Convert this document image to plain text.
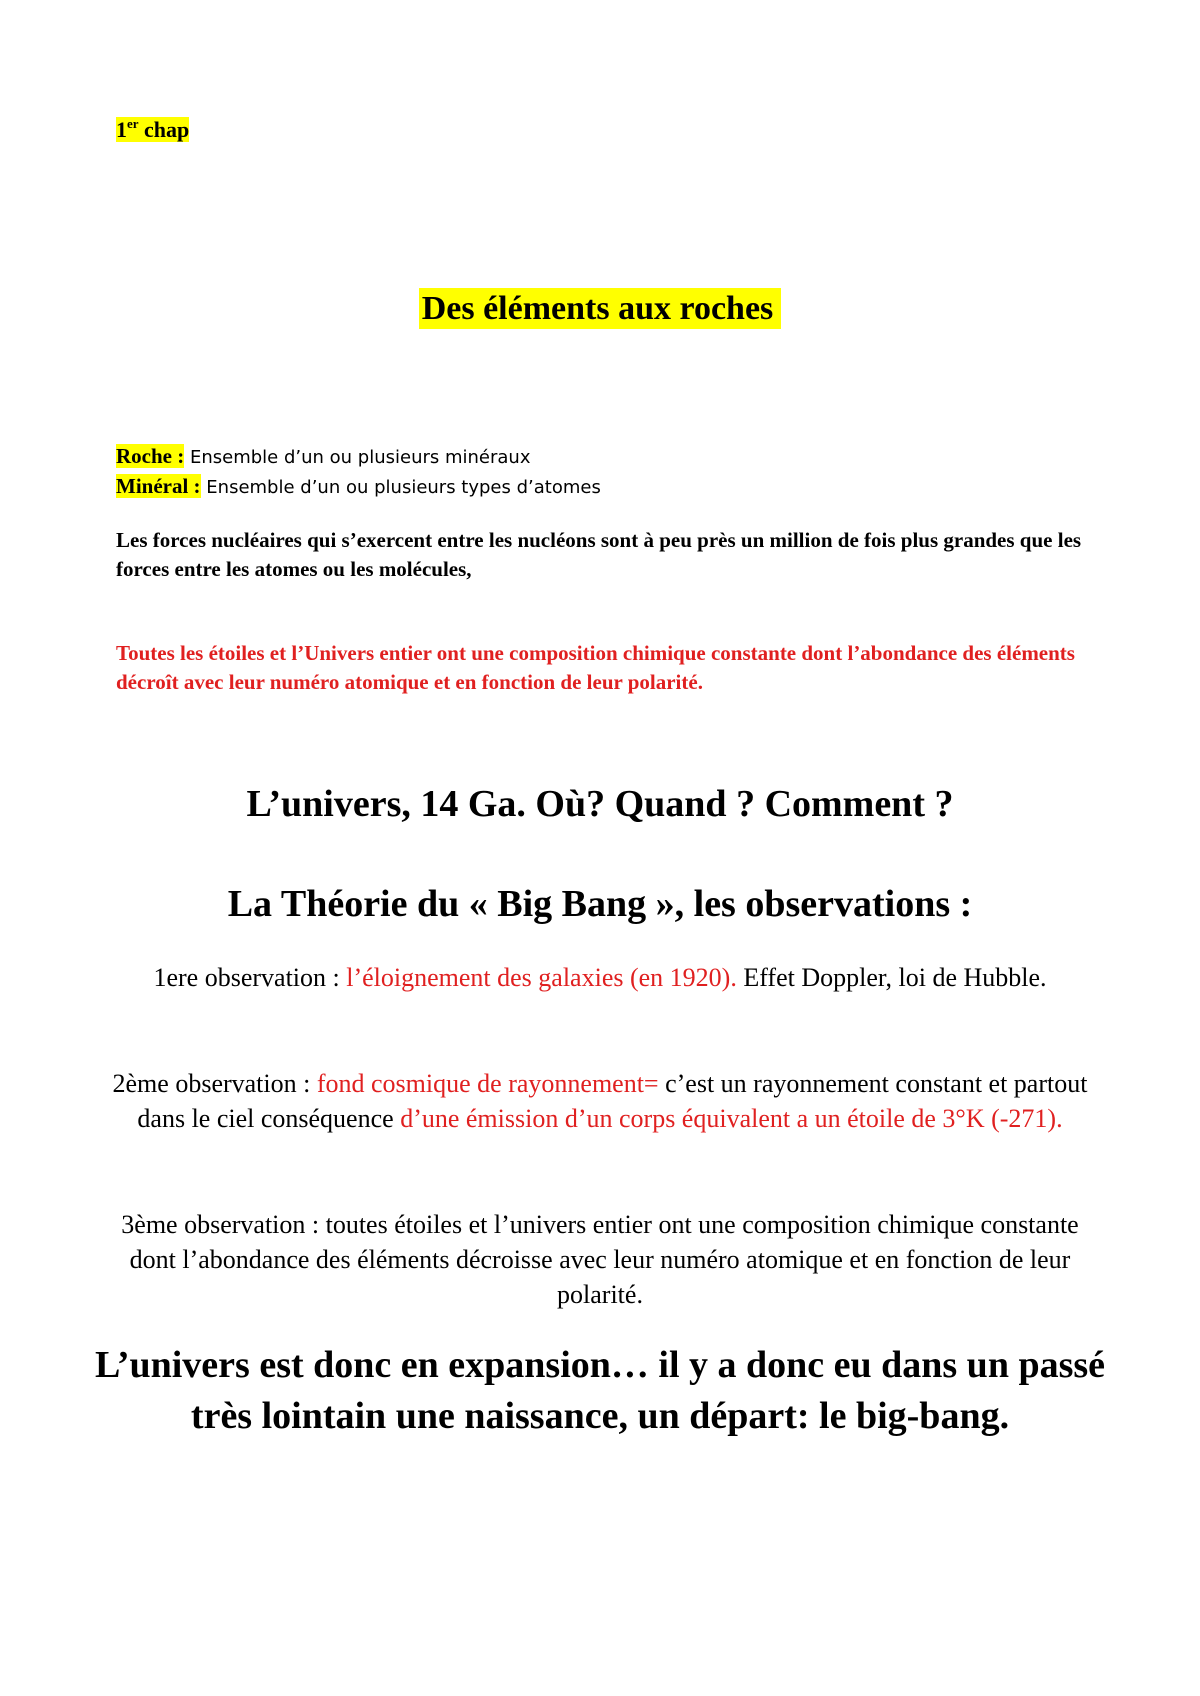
1er chap
Des éléments aux roches
Roche : Ensemble d’un ou plusieurs minéraux
Minéral : Ensemble d’un ou plusieurs types d’atomes

Les forces nucléaires qui s’exercent entre les nucléons sont à peu près un million de fois plus grandes que les forces entre les atomes ou les molécules,

Toutes les étoiles et l’Univers entier ont une composition chimique constante dont l’abondance des éléments décroît avec leur numéro atomique et en fonction de leur polarité.

L’univers, 14 Ga. Où? Quand ? Comment ?
La Théorie du « Big Bang », les observations :

1ere observation : l’éloignement des galaxies (en 1920). Effet Doppler, loi de Hubble.

2ème observation : fond cosmique de rayonnement= c’est un rayonnement constant et partout dans le ciel conséquence d’une émission d’un corps équivalent a un étoile de 3°K (-271).

3ème observation : toutes étoiles et l’univers entier ont une composition chimique constante dont l’abondance des éléments décroisse avec leur numéro atomique et en fonction de leur polarité.

L’univers est donc en expansion… il y a donc eu dans un passé très lointain une naissance, un départ: le big-bang.
